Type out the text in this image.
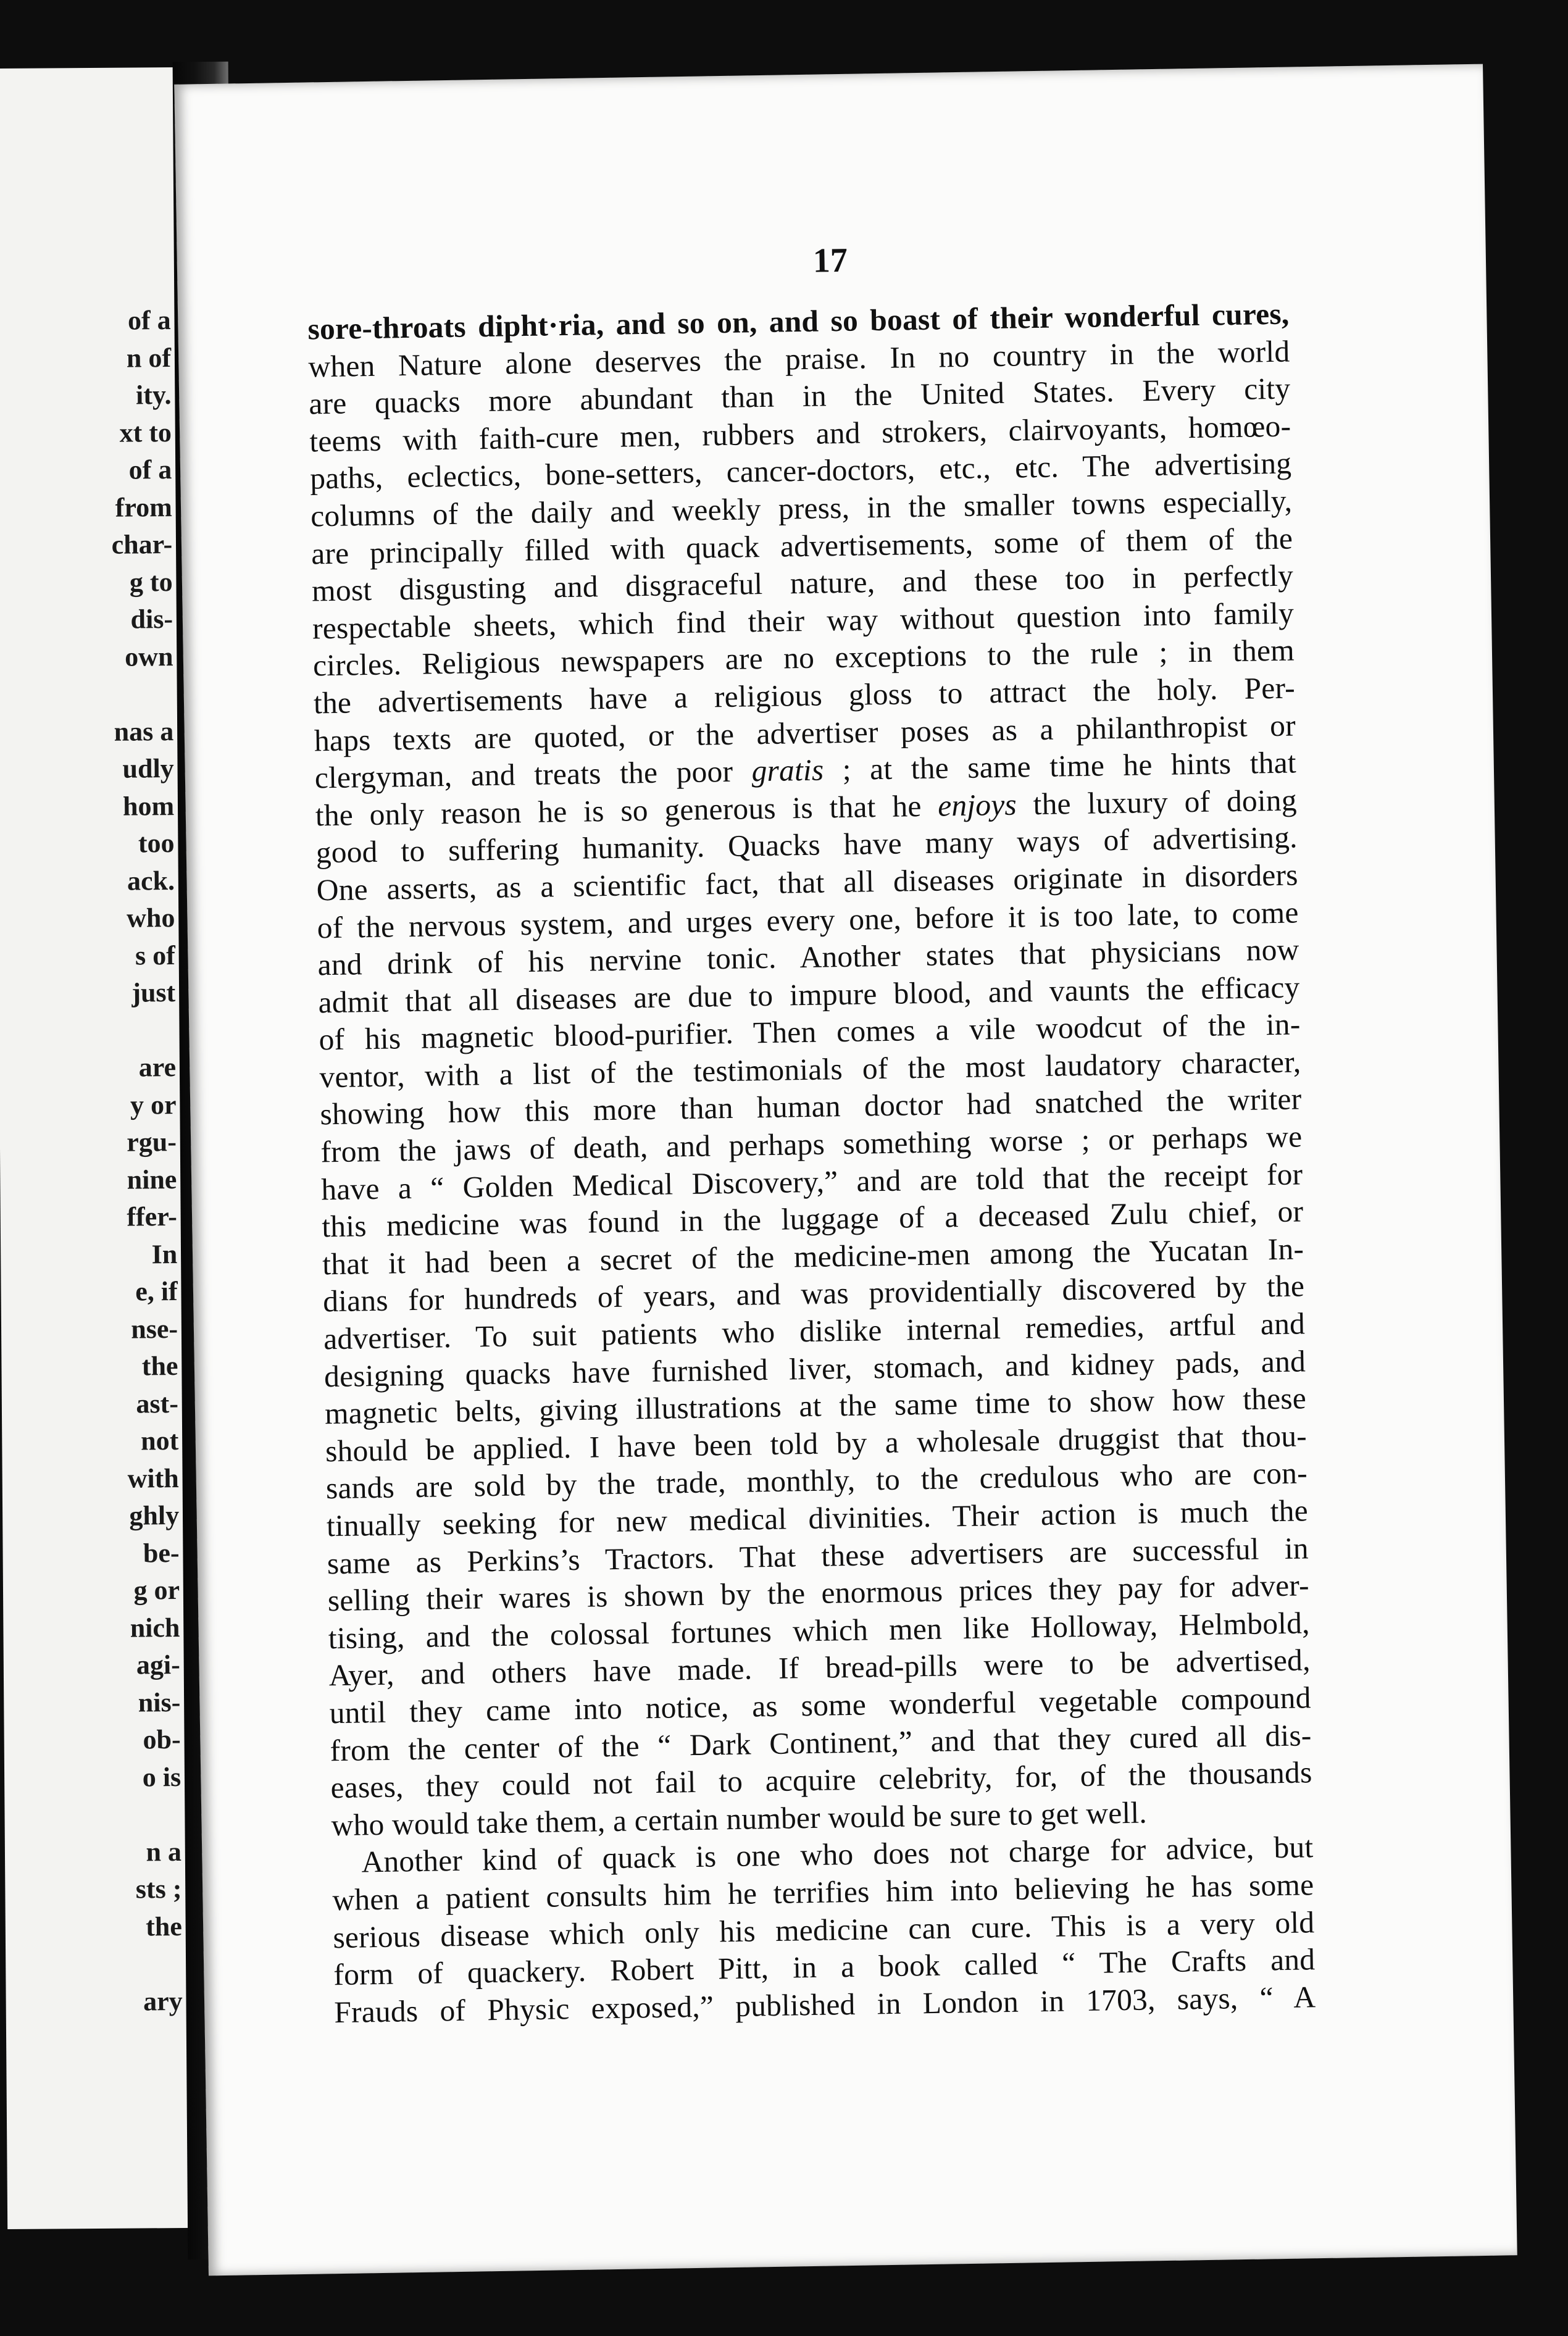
of a
n of
ity.
xt to
of a
from
char-
g to
dis-
own
nas a
udly
hom
too
ack.
who
s of
just
are
y or
rgu-
nine
ffer-
In
e, if
nse-
the
ast-
not
with
ghly
be-
g or
nich
agi-
nis-
ob-
o is
n a
sts ;
the
ary
17
sore-throats dipht·ria, and so on, and so boast of their wonderful cures,
when Nature alone deserves the praise. In no country in the world
are quacks more abundant than in the United States. Every city
teems with faith-cure men, rubbers and strokers, clairvoyants, homœo-
paths, eclectics, bone-setters, cancer-doctors, etc., etc. The advertising
columns of the daily and weekly press, in the smaller towns especially,
are principally filled with quack advertisements, some of them of the
most disgusting and disgraceful nature, and these too in perfectly
respectable sheets, which find their way without question into family
circles. Religious newspapers are no exceptions to the rule ; in them
the advertisements have a religious gloss to attract the holy. Per-
haps texts are quoted, or the advertiser poses as a philanthropist or
clergyman, and treats the poor gratis ; at the same time he hints that
the only reason he is so generous is that he enjoys the luxury of doing
good to suffering humanity. Quacks have many ways of advertising.
One asserts, as a scientific fact, that all diseases originate in disorders
of the nervous system, and urges every one, before it is too late, to come
and drink of his nervine tonic. Another states that physicians now
admit that all diseases are due to impure blood, and vaunts the efficacy
of his magnetic blood-purifier. Then comes a vile woodcut of the in-
ventor, with a list of the testimonials of the most laudatory character,
showing how this more than human doctor had snatched the writer
from the jaws of death, and perhaps something worse ; or perhaps we
have a “ Golden Medical Discovery,” and are told that the receipt for
this medicine was found in the luggage of a deceased Zulu chief, or
that it had been a secret of the medicine-men among the Yucatan In-
dians for hundreds of years, and was providentially discovered by the
advertiser. To suit patients who dislike internal remedies, artful and
designing quacks have furnished liver, stomach, and kidney pads, and
magnetic belts, giving illustrations at the same time to show how these
should be applied. I have been told by a wholesale druggist that thou-
sands are sold by the trade, monthly, to the credulous who are con-
tinually seeking for new medical divinities. Their action is much the
same as Perkins’s Tractors. That these advertisers are successful in
selling their wares is shown by the enormous prices they pay for adver-
tising, and the colossal fortunes which men like Holloway, Helmbold,
Ayer, and others have made. If bread-pills were to be advertised,
until they came into notice, as some wonderful vegetable compound
from the center of the “ Dark Continent,” and that they cured all dis-
eases, they could not fail to acquire celebrity, for, of the thousands
who would take them, a certain number would be sure to get well.
Another kind of quack is one who does not charge for advice, but
when a patient consults him he terrifies him into believing he has some
serious disease which only his medicine can cure. This is a very old
form of quackery. Robert Pitt, in a book called “ The Crafts and
Frauds of Physic exposed,” published in London in 1703, says, “ A
